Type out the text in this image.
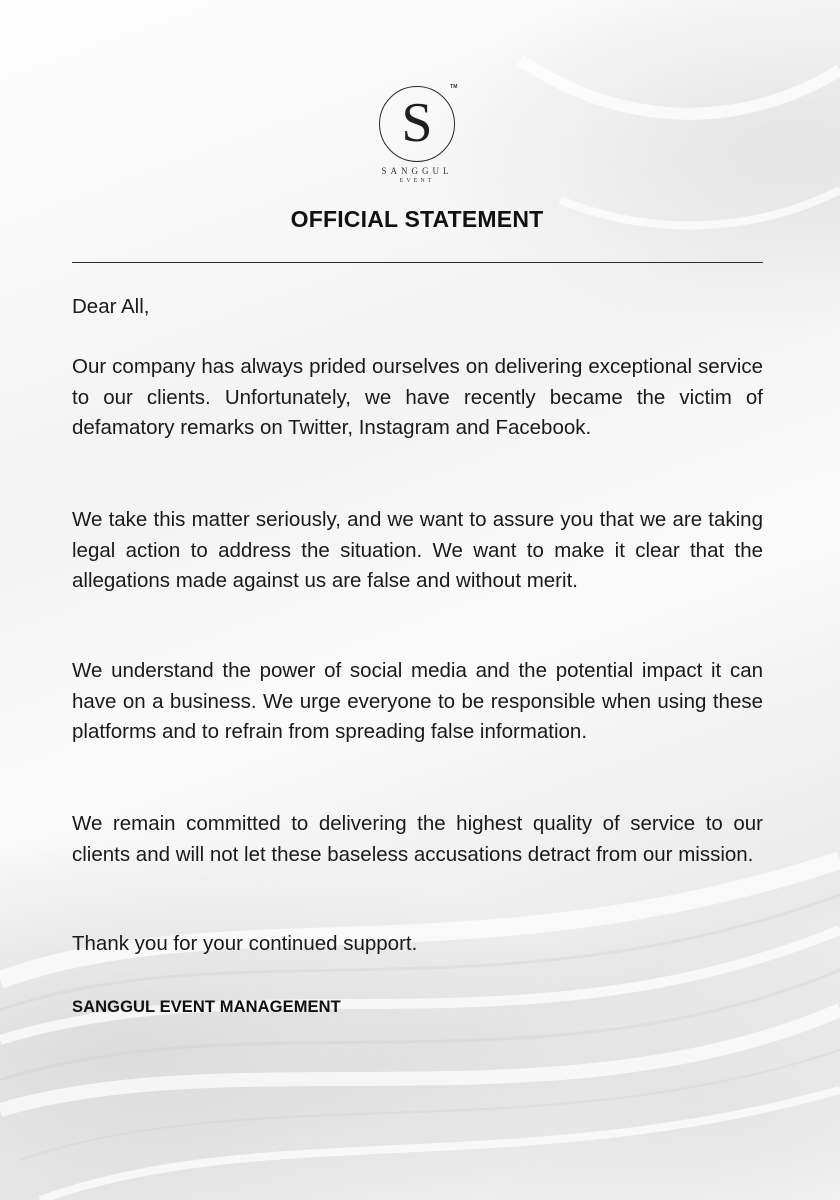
S
TM
SANGGUL
EVENT
OFFICIAL STATEMENT
Dear All,
Our company has always prided ourselves on delivering exceptional service to our clients. Unfortunately, we have recently became the victim of defamatory remarks on Twitter, Instagram and Facebook.
We take this matter seriously, and we want to assure you that we are taking legal action to address the situation. We want to make it clear that the allegations made against us are false and without merit.
We understand the power of social media and the potential impact it can have on a business. We urge everyone to be responsible when using these platforms and to refrain from spreading false information.
We remain committed to delivering the highest quality of service to our clients and will not let these baseless accusations detract from our mission.
Thank you for your continued support.
SANGGUL EVENT MANAGEMENT
